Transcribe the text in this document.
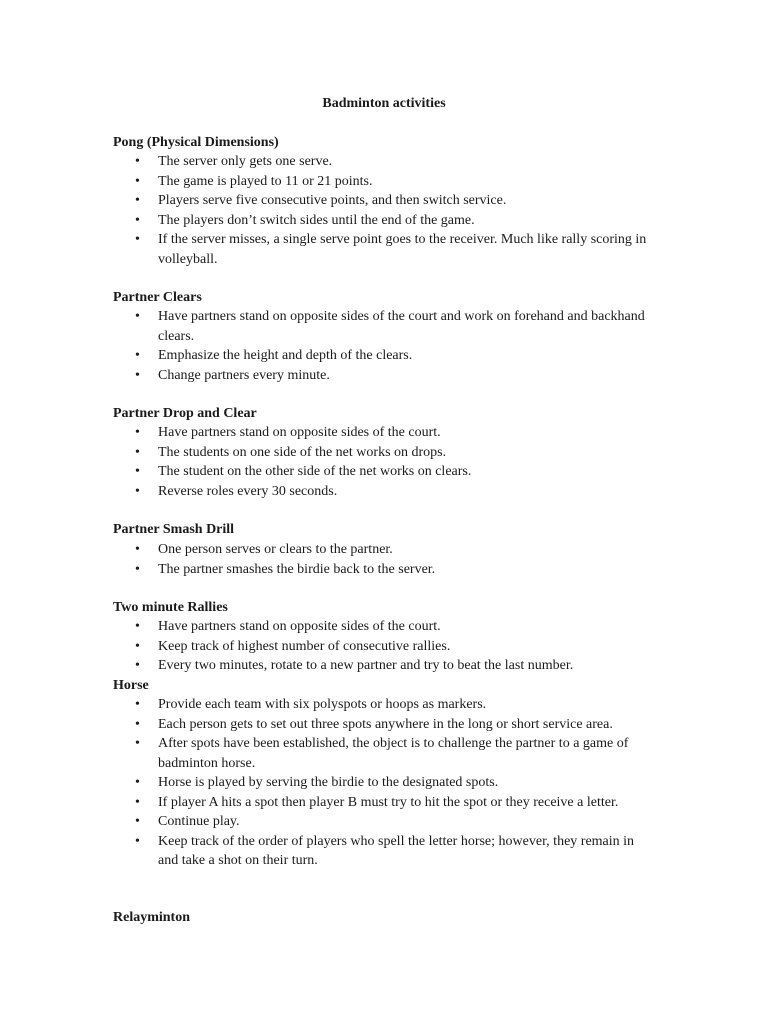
Badminton activities
Pong (Physical Dimensions)
• The server only gets one serve.
• The game is played to 11 or 21 points.
• Players serve five consecutive points, and then switch service.
• The players don’t switch sides until the end of the game.
• If the server misses, a single serve point goes to the receiver. Much like rally scoring in volleyball.
Partner Clears
• Have partners stand on opposite sides of the court and work on forehand and backhand clears.
• Emphasize the height and depth of the clears.
• Change partners every minute.
Partner Drop and Clear
• Have partners stand on opposite sides of the court.
• The students on one side of the net works on drops.
• The student on the other side of the net works on clears.
• Reverse roles every 30 seconds.
Partner Smash Drill
• One person serves or clears to the partner.
• The partner smashes the birdie back to the server.
Two minute Rallies
• Have partners stand on opposite sides of the court.
• Keep track of highest number of consecutive rallies.
• Every two minutes, rotate to a new partner and try to beat the last number.
Horse
• Provide each team with six polyspots or hoops as markers.
• Each person gets to set out three spots anywhere in the long or short service area.
• After spots have been established, the object is to challenge the partner to a game of badminton horse.
• Horse is played by serving the birdie to the designated spots.
• If player A hits a spot then player B must try to hit the spot or they receive a letter.
• Continue play.
• Keep track of the order of players who spell the letter horse; however, they remain in and take a shot on their turn.
Relayminton
